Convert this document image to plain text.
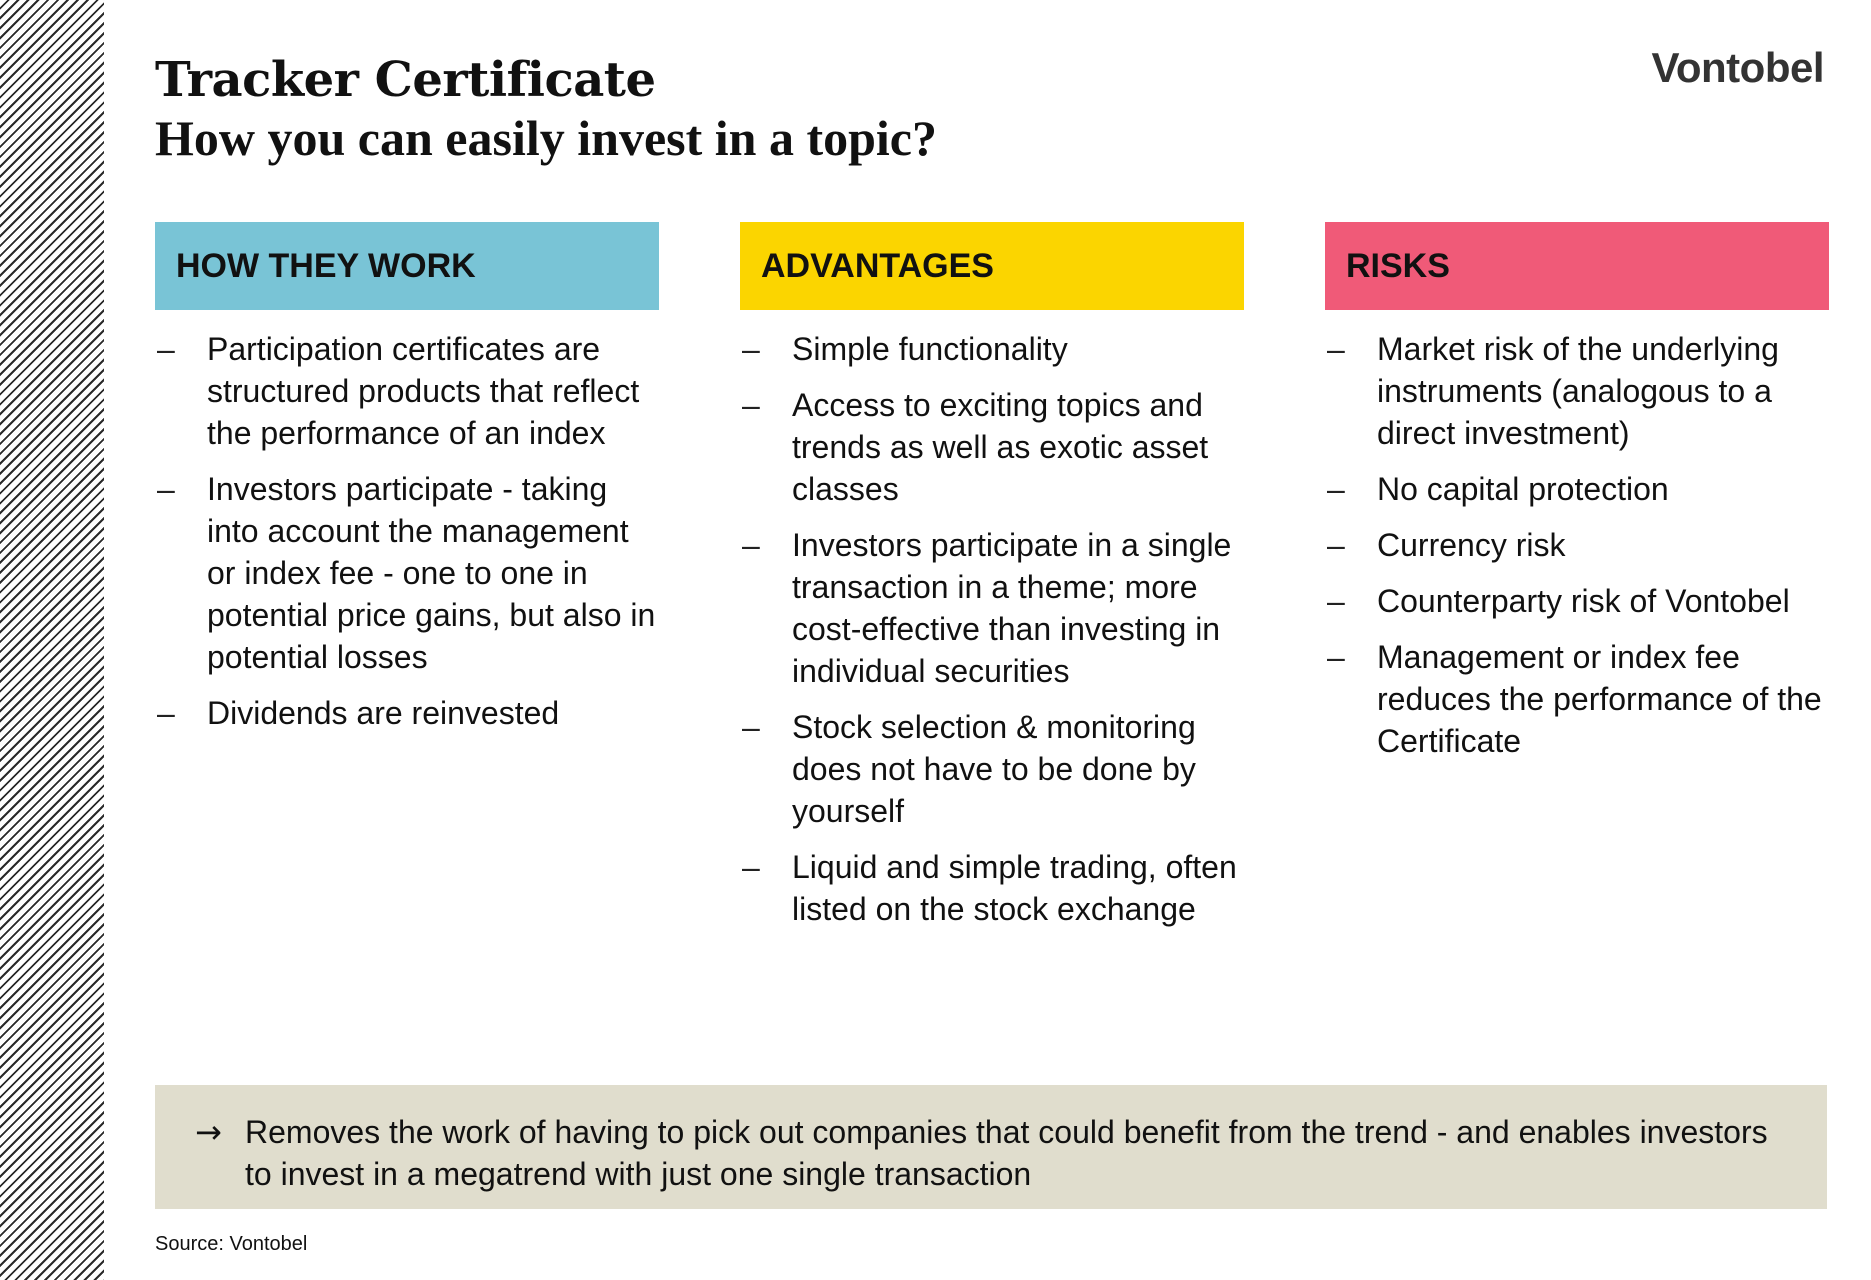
Tracker Certificate
How you can easily invest in a topic?
Vontobel
HOW THEY WORK
– Participation certificates are structured products that reflect the performance of an index
– Investors participate - taking into account the management or index fee - one to one in potential price gains, but also in potential losses
– Dividends are reinvested
ADVANTAGES
– Simple functionality
– Access to exciting topics and trends as well as exotic asset classes
– Investors participate in a single transaction in a theme; more cost-effective than investing in individual securities
– Stock selection & monitoring does not have to be done by yourself
– Liquid and simple trading, often listed on the stock exchange
RISKS
– Market risk of the underlying instruments (analogous to a direct investment)
– No capital protection
– Currency risk
– Counterparty risk of Vontobel
– Management or index fee reduces the performance of the Certificate
→ Removes the work of having to pick out companies that could benefit from the trend - and enables investors to invest in a megatrend with just one single transaction
Source: Vontobel
